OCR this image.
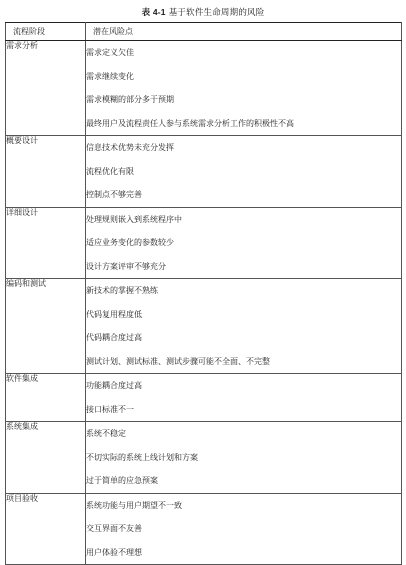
表 4-1 基于软件生命周期的风险
流程阶段	潜在风险点
需求分析	需求定义欠佳
需求继续变化
需求模糊的部分多于预期
最终用户及流程责任人参与系统需求分析工作的积极性不高

概要设计	信息技术优势未充分发挥
流程优化有限
控制点不够完善

详细设计	处理规则嵌入到系统程序中
适应业务变化的参数较少
设计方案评审不够充分

编码和测试	新技术的掌握不熟练
代码复用程度低
代码耦合度过高
测试计划、测试标准、测试步骤可能不全面、不完整

软件集成	功能耦合度过高
接口标准不一

系统集成	系统不稳定
不切实际的系统上线计划和方案
过于简单的应急预案

项目验收	系统功能与用户期望不一致
交互界面不友善
用户体验不理想
